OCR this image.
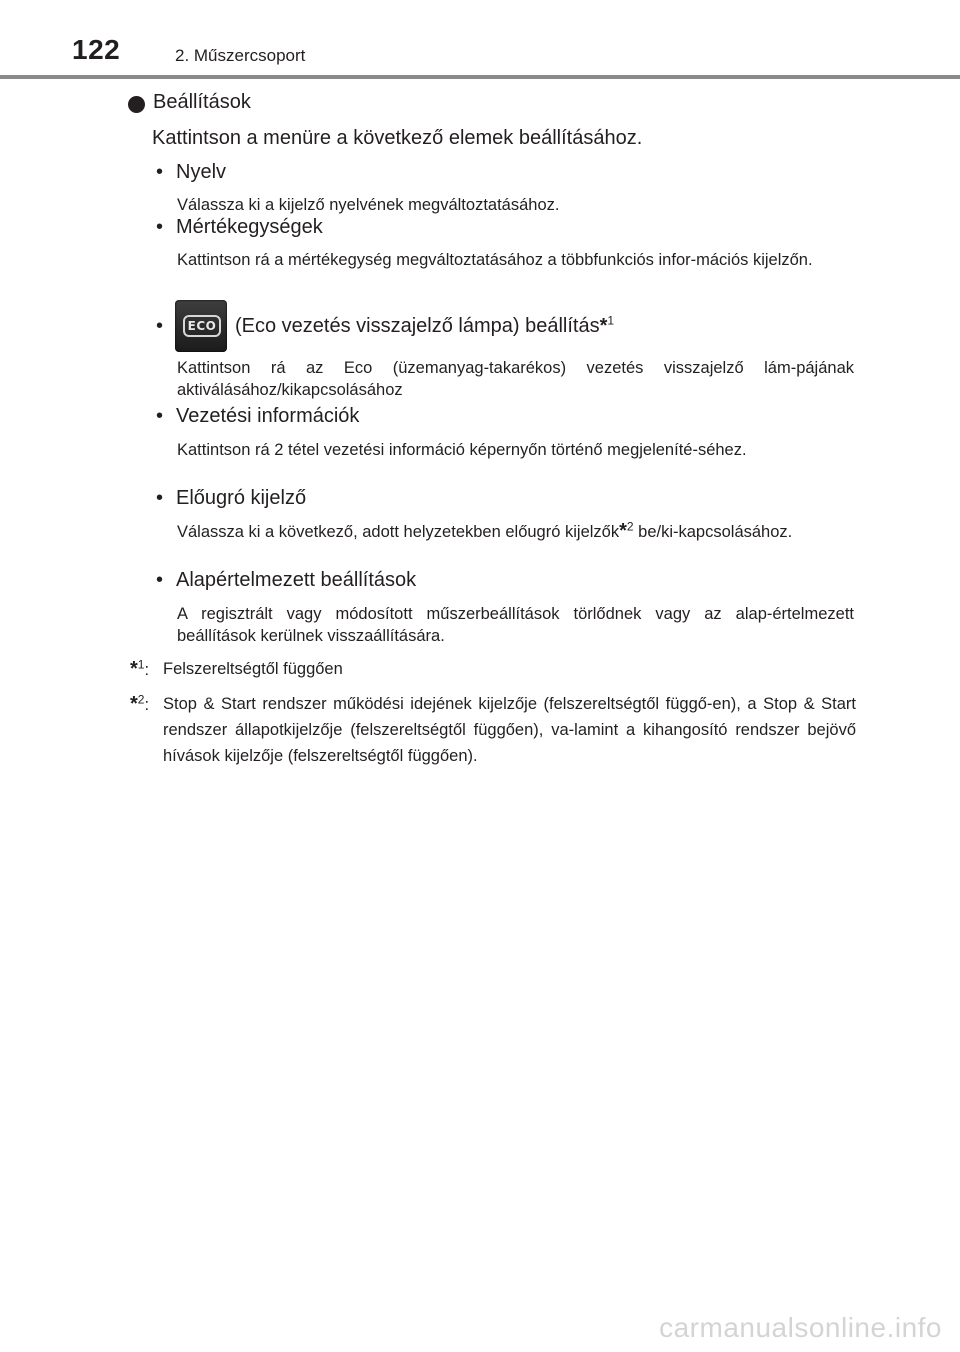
122	2. Műszercsoport
Beállítások
Kattintson a menüre a következő elemek beállításához.
• Nyelv

Válassza ki a kijelző nyelvének megváltoztatásához.

• Mértékegységek

Kattintson rá a mértékegység megváltoztatásához a többfunkciós infor-mációs kijelzőn.

•	ECO (Eco vezetés visszajelző lámpa) beállítás*$^1$

Kattintson rá az Eco (üzemanyag-takarékos) vezetés visszajelző lám-pájának aktiválásához/kikapcsolásához

• Vezetési információk

Kattintson rá 2 tétel vezetési információ képernyőn történő megjeleníté-séhez.

• Előugró kijelző

Válassza ki a következő, adott helyzetekben előugró kijelzők*$^2$ be/ki-kapcsolásához.

• Alapértelmezett beállítások

A regisztrált vagy módosított műszerbeállítások törlődnek vagy az alap-értelmezett beállítások kerülnek visszaállítására.

*$^1$: Felszereltségtől függően
*$^2$: Stop & Start rendszer működési idejének kijelzője (felszereltségtől függő-en), a Stop & Start rendszer állapotkijelzője (felszereltségtől függően), va-lamint a kihangosító rendszer bejövő hívások kijelzője (felszereltségtől függően).
carmanualsonline.info
